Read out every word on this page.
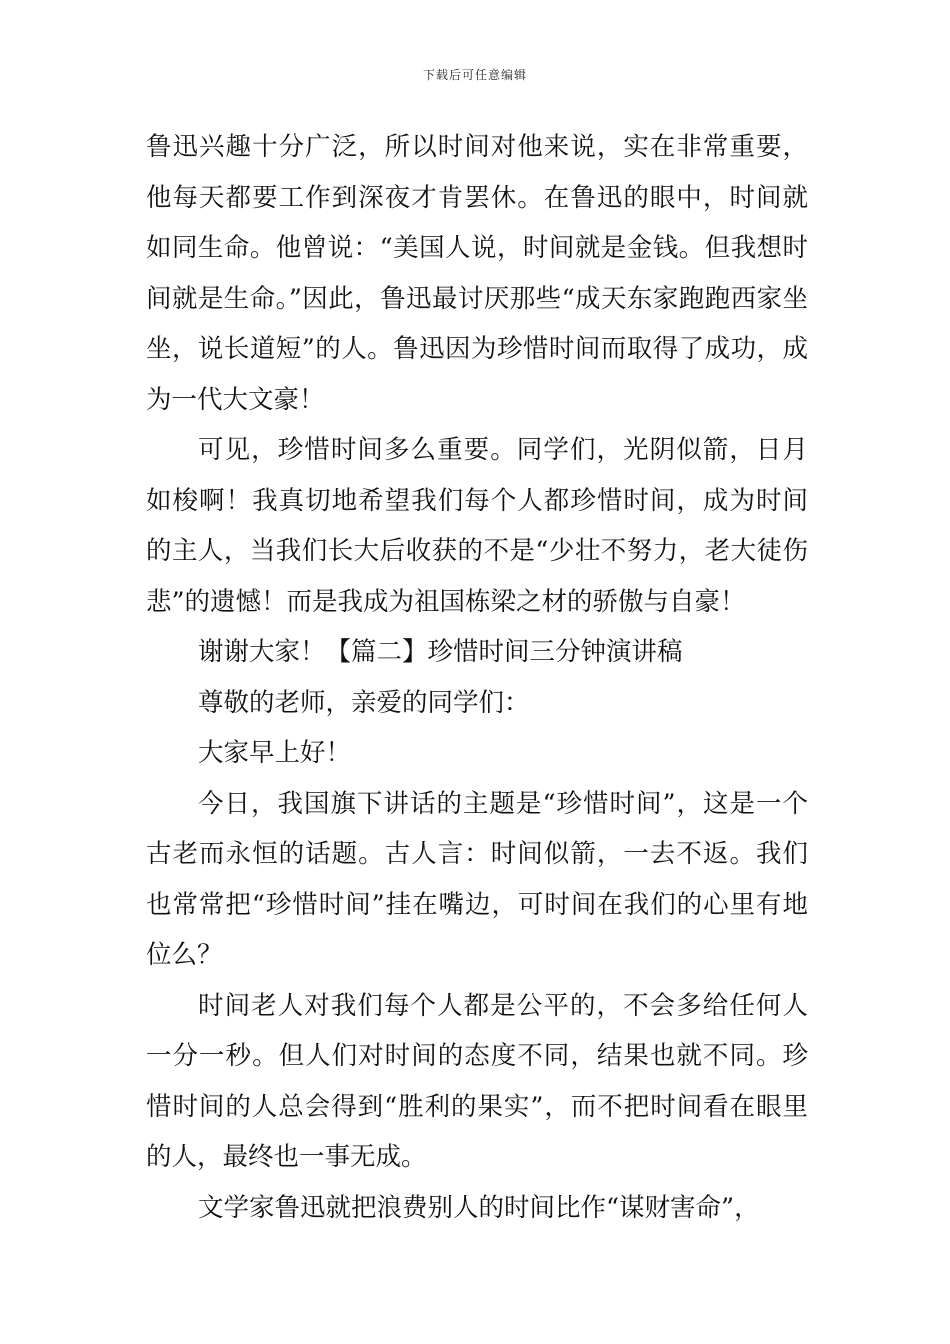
下载后可任意编辑

鲁迅兴趣十分广泛，所以时间对他来说，实在非常重要，他每天都要工作到深夜才肯罢休。在鲁迅的眼中，时间就如同生命。他曾说：“美国人说，时间就是金钱。但我想时间就是生命。”因此，鲁迅最讨厌那些“成天东家跑跑西家坐坐，说长道短”的人。鲁迅因为珍惜时间而取得了成功，成为一代大文豪！

可见，珍惜时间多么重要。同学们，光阴似箭，日月如梭啊！我真切地希望我们每个人都珍惜时间，成为时间的主人，当我们长大后收获的不是“少壮不努力，老大徒伤悲”的遗憾！而是我成为祖国栋梁之材的骄傲与自豪！

谢谢大家！【篇二】珍惜时间三分钟演讲稿

尊敬的老师，亲爱的同学们：

大家早上好！

今日，我国旗下讲话的主题是“珍惜时间”，这是一个古老而永恒的话题。古人言：时间似箭，一去不返。我们也常常把“珍惜时间”挂在嘴边，可时间在我们的心里有地位么？

时间老人对我们每个人都是公平的，不会多给任何人一分一秒。但人们对时间的态度不同，结果也就不同。珍惜时间的人总会得到“胜利的果实”，而不把时间看在眼里的人，最终也一事无成。

文学家鲁迅就把浪费别人的时间比作“谋财害命”，
